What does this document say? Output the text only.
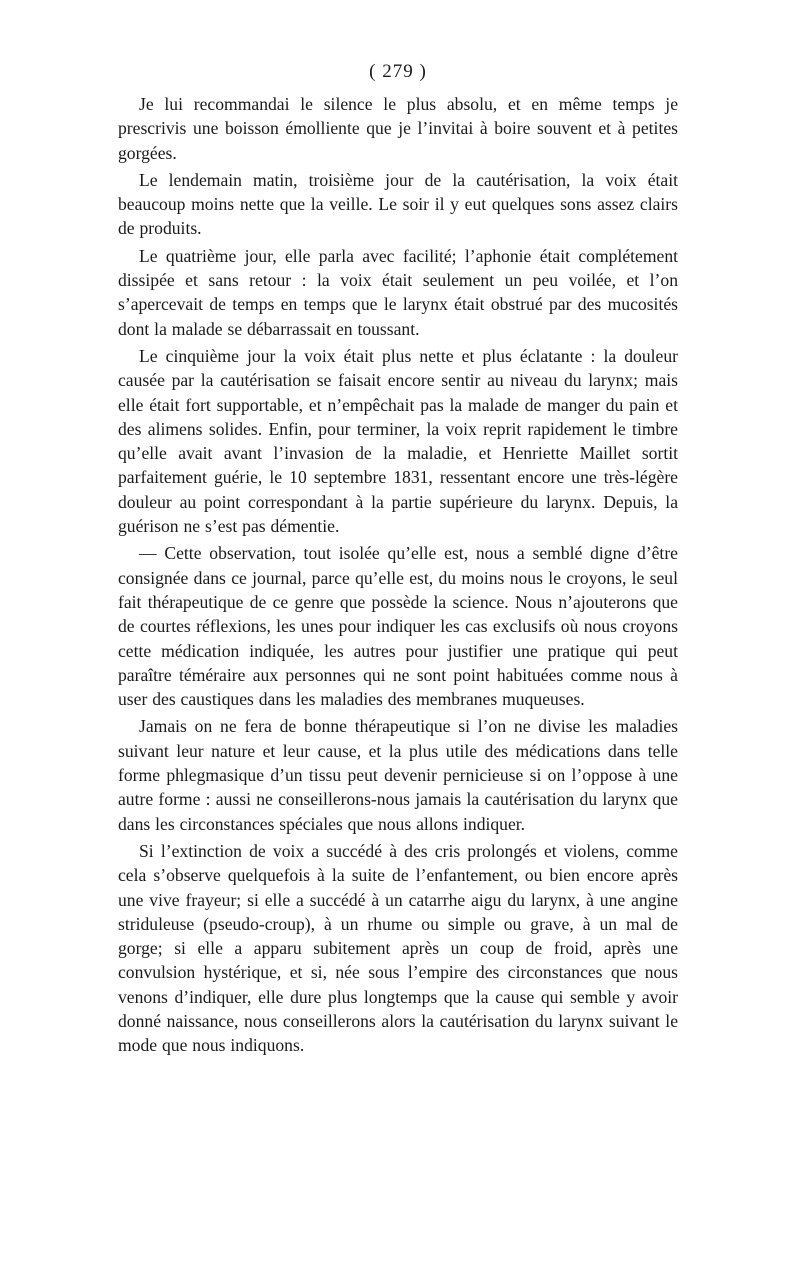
( 279 )

Je lui recommandai le silence le plus absolu, et en même temps je prescrivis une boisson émolliente que je l’invitai à boire souvent et à petites gorgées.

Le lendemain matin, troisième jour de la cautérisation, la voix était beaucoup moins nette que la veille. Le soir il y eut quelques sons assez clairs de produits.

Le quatrième jour, elle parla avec facilité; l’aphonie était complétement dissipée et sans retour : la voix était seulement un peu voilée, et l’on s’apercevait de temps en temps que le larynx était obstrué par des mucosités dont la malade se débarrassait en toussant.

Le cinquième jour la voix était plus nette et plus éclatante : la douleur causée par la cautérisation se faisait encore sentir au niveau du larynx; mais elle était fort supportable, et n’empêchait pas la malade de manger du pain et des alimens solides. Enfin, pour terminer, la voix reprit rapidement le timbre qu’elle avait avant l’invasion de la maladie, et Henriette Maillet sortit parfaitement guérie, le 10 septembre 1831, ressentant encore une très-légère douleur au point correspondant à la partie supérieure du larynx. Depuis, la guérison ne s’est pas démentie.

— Cette observation, tout isolée qu’elle est, nous a semblé digne d’être consignée dans ce journal, parce qu’elle est, du moins nous le croyons, le seul fait thérapeutique de ce genre que possède la science. Nous n’ajouterons que de courtes réflexions, les unes pour indiquer les cas exclusifs où nous croyons cette médication indiquée, les autres pour justifier une pratique qui peut paraître téméraire aux personnes qui ne sont point habituées comme nous à user des caustiques dans les maladies des membranes muqueuses.

Jamais on ne fera de bonne thérapeutique si l’on ne divise les maladies suivant leur nature et leur cause, et la plus utile des médications dans telle forme phlegmasique d’un tissu peut devenir pernicieuse si on l’oppose à une autre forme : aussi ne conseillerons-nous jamais la cautérisation du larynx que dans les circonstances spéciales que nous allons indiquer.

Si l’extinction de voix a succédé à des cris prolongés et violens, comme cela s’observe quelquefois à la suite de l’enfantement, ou bien encore après une vive frayeur; si elle a succédé à un catarrhe aigu du larynx, à une angine striduleuse (pseudo-croup), à un rhume ou simple ou grave, à un mal de gorge; si elle a apparu subitement après un coup de froid, après une convulsion hystérique, et si, née sous l’empire des circonstances que nous venons d’indiquer, elle dure plus longtemps que la cause qui semble y avoir donné naissance, nous conseillerons alors la cautérisation du larynx suivant le mode que nous indiquons.
